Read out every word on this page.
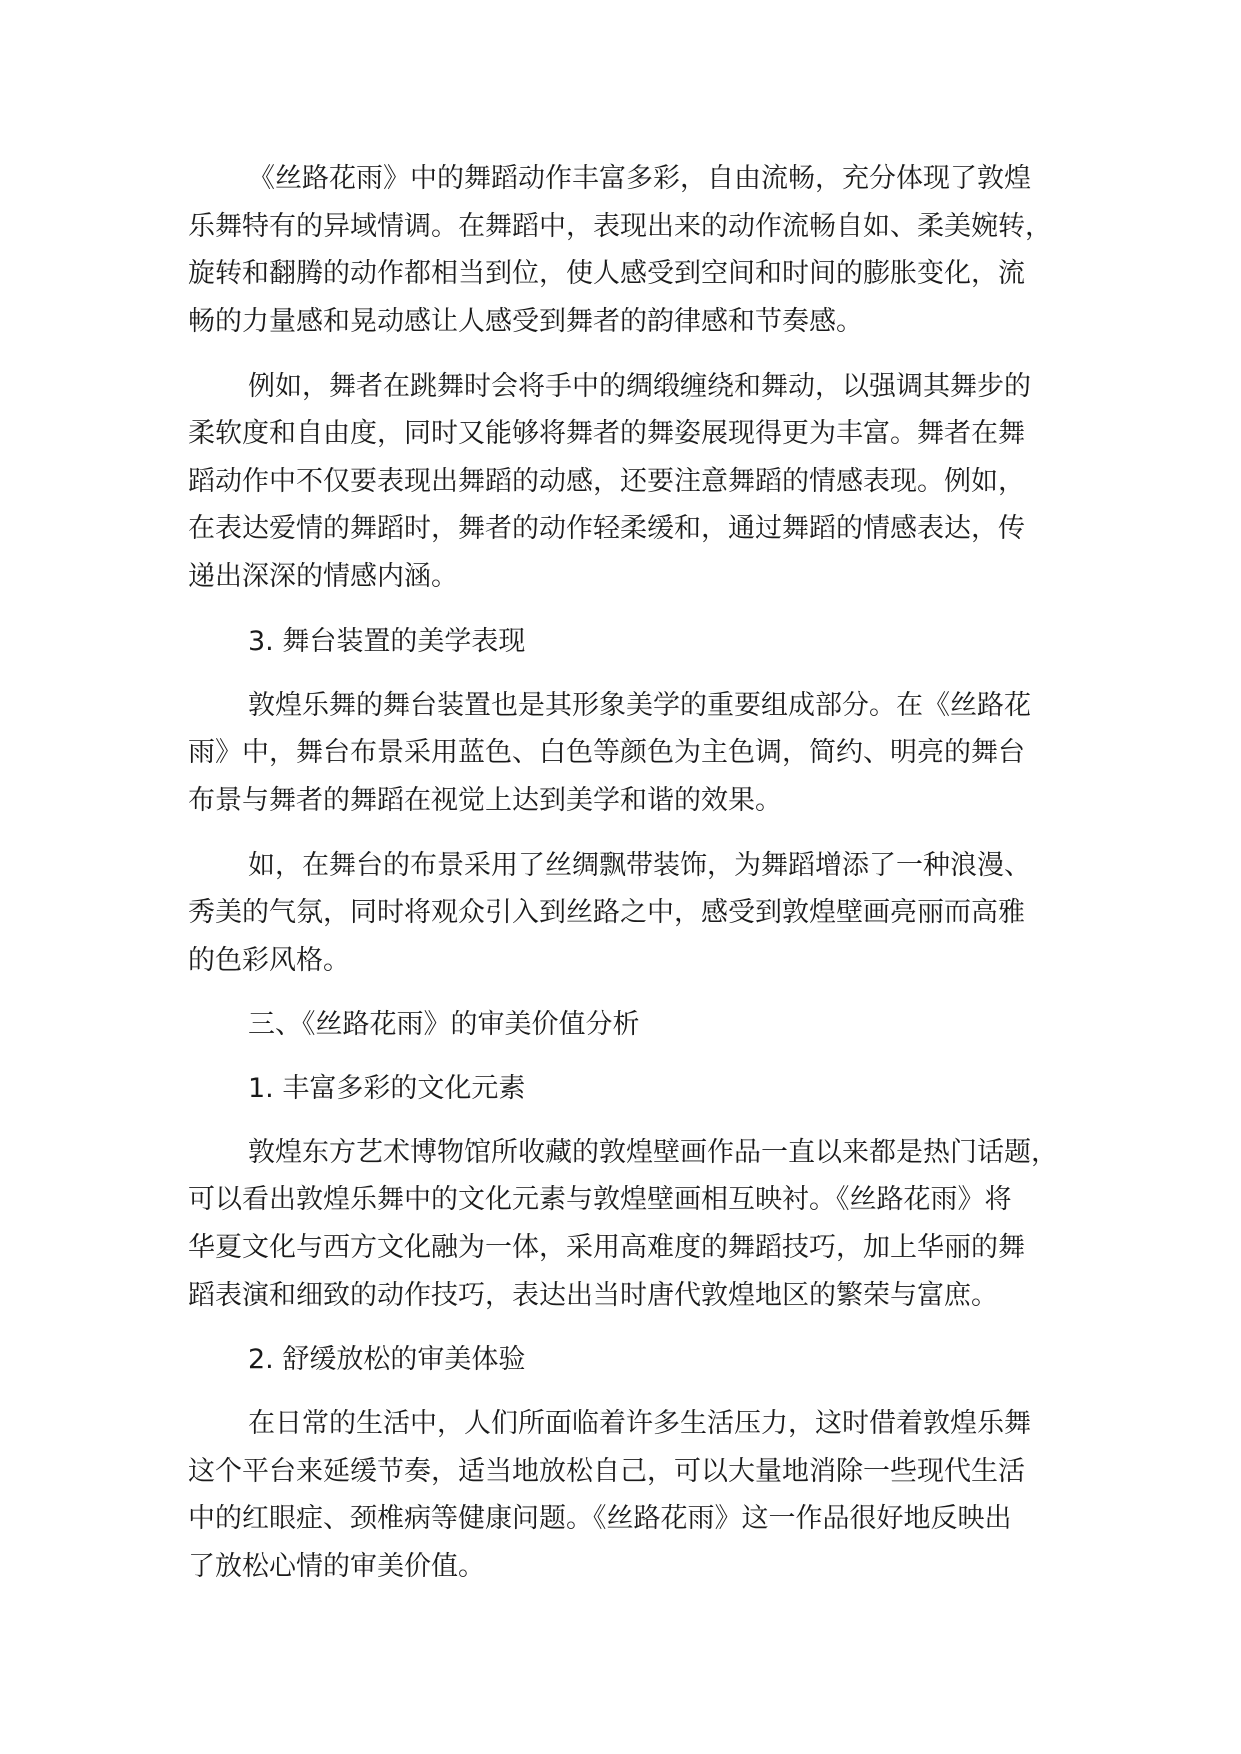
《丝路花雨》中的舞蹈动作丰富多彩，自由流畅，充分体现了敦煌
乐舞特有的异域情调。在舞蹈中，表现出来的动作流畅自如、柔美婉转，
旋转和翻腾的动作都相当到位，使人感受到空间和时间的膨胀变化，流
畅的力量感和晃动感让人感受到舞者的韵律感和节奏感。
例如，舞者在跳舞时会将手中的绸缎缠绕和舞动，以强调其舞步的
柔软度和自由度，同时又能够将舞者的舞姿展现得更为丰富。舞者在舞
蹈动作中不仅要表现出舞蹈的动感，还要注意舞蹈的情感表现。例如，
在表达爱情的舞蹈时，舞者的动作轻柔缓和，通过舞蹈的情感表达，传
递出深深的情感内涵。
3. 舞台装置的美学表现
敦煌乐舞的舞台装置也是其形象美学的重要组成部分。在《丝路花
雨》中，舞台布景采用蓝色、白色等颜色为主色调，简约、明亮的舞台
布景与舞者的舞蹈在视觉上达到美学和谐的效果。
如，在舞台的布景采用了丝绸飘带装饰，为舞蹈增添了一种浪漫、
秀美的气氛，同时将观众引入到丝路之中，感受到敦煌壁画亮丽而高雅
的色彩风格。
三、《丝路花雨》的审美价值分析
1. 丰富多彩的文化元素
敦煌东方艺术博物馆所收藏的敦煌壁画作品一直以来都是热门话题，
可以看出敦煌乐舞中的文化元素与敦煌壁画相互映衬。《丝路花雨》将
华夏文化与西方文化融为一体，采用高难度的舞蹈技巧，加上华丽的舞
蹈表演和细致的动作技巧，表达出当时唐代敦煌地区的繁荣与富庶。
2. 舒缓放松的审美体验
在日常的生活中，人们所面临着许多生活压力，这时借着敦煌乐舞
这个平台来延缓节奏，适当地放松自己，可以大量地消除一些现代生活
中的红眼症、颈椎病等健康问题。《丝路花雨》这一作品很好地反映出
了放松心情的审美价值。
